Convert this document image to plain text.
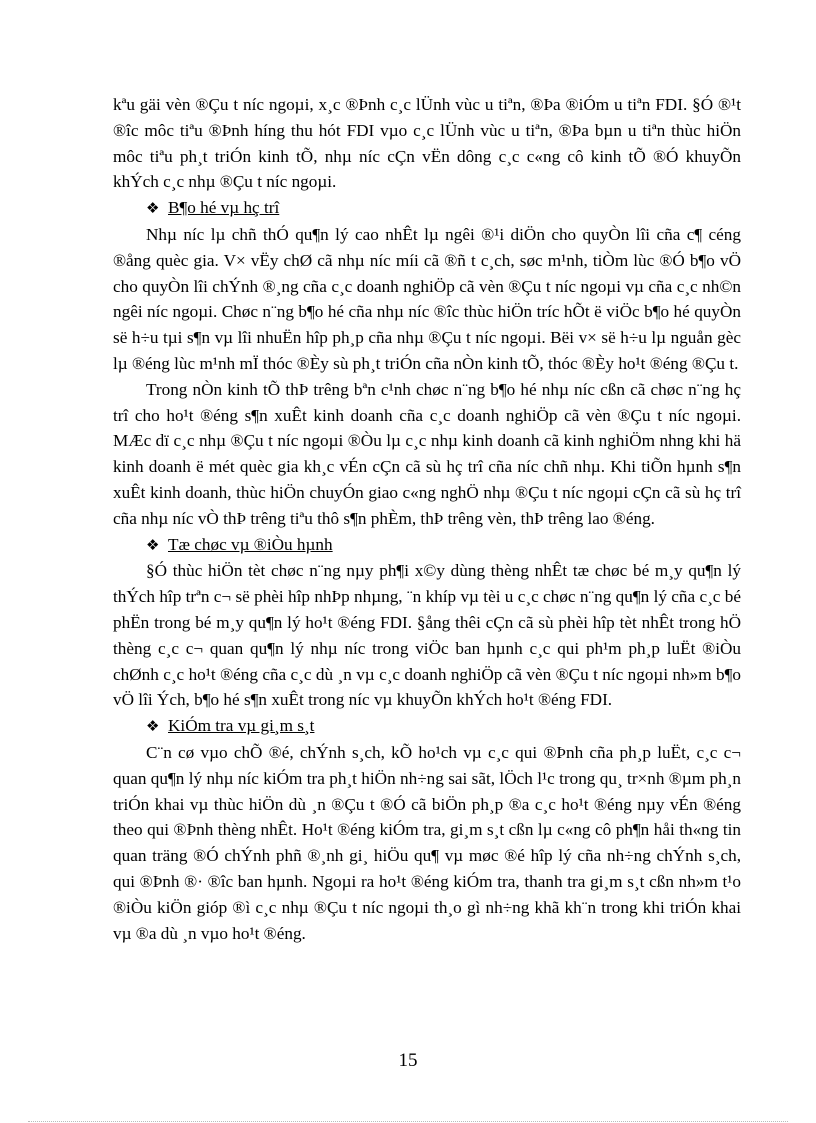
kªu gäi vèn ®Çu t níc ngoµi, x¸c ®Þnh c¸c lÜnh vùc u tiªn, ®Þa ®iÓm u tiªn FDI. §Ó ®¹t ®îc môc tiªu ®Þnh híng thu hót FDI vµo c¸c lÜnh vùc u tiªn, ®Þa bµn u tiªn thùc hiÖn môc tiªu ph¸t triÓn kinh tÕ, nhµ níc cÇn vËn dông c¸c c«ng cô kinh tÕ ®Ó khuyÕn khÝch c¸c nhµ ®Çu t níc ngoµi.

❖ B¶o hé vµ hç trî

Nhµ níc lµ chñ thÓ qu¶n lý cao nhÊt lµ ngêi ®¹i diÖn cho quyÒn lîi cña c¶ céng ®ång quèc gia. V× vËy chØ cã nhµ níc míi cã ®ñ t c¸ch, søc m¹nh, tiÒm lùc ®Ó b¶o vÖ cho quyÒn lîi chÝnh ®¸ng cña c¸c doanh nghiÖp cã vèn ®Çu t níc ngoµi vµ cña c¸c nh©n ngêi níc ngoµi. Chøc n¨ng b¶o hé cña nhµ níc ®îc thùc hiÖn tríc hÕt ë viÖc b¶o hé quyÒn së h÷u tµi s¶n vµ lîi nhuËn hîp ph¸p cña nhµ ®Çu t níc ngoµi. Bëi v× së h÷u lµ nguån gèc lµ ®éng lùc m¹nh mÏ thóc ®Èy sù ph¸t triÓn cña nÒn kinh tÕ, thóc ®Èy ho¹t ®éng ®Çu t.

Trong nÒn kinh tÕ thÞ trêng bªn c¹nh chøc n¨ng b¶o hé nhµ níc cßn cã chøc n¨ng hç trî cho ho¹t ®éng s¶n xuÊt kinh doanh cña c¸c doanh nghiÖp cã vèn ®Çu t níc ngoµi. MÆc dï c¸c nhµ ®Çu t níc ngoµi ®Òu lµ c¸c nhµ kinh doanh cã kinh nghiÖm nhng khi hä kinh doanh ë mét quèc gia kh¸c vÉn cÇn cã sù hç trî cña níc chñ nhµ. Khi tiÕn hµnh s¶n xuÊt kinh doanh, thùc hiÖn chuyÓn giao c«ng nghÖ nhµ ®Çu t níc ngoµi cÇn cã sù hç trî cña nhµ níc vÒ thÞ trêng tiªu thô s¶n phÈm, thÞ trêng vèn, thÞ trêng lao ®éng.

❖ Tæ chøc vµ ®iÒu hµnh

§Ó thùc hiÖn tèt chøc n¨ng nµy ph¶i x©y dùng thèng nhÊt tæ chøc bé m¸y qu¶n lý thÝch hîp trªn c¬ së phèi hîp nhÞp nhµng, ¨n khíp vµ tèi u c¸c chøc n¨ng qu¶n lý cña c¸c bé phËn trong bé m¸y qu¶n lý ho¹t ®éng FDI. §ång thêi cÇn cã sù phèi hîp tèt nhÊt trong hÖ thèng c¸c c¬ quan qu¶n lý nhµ níc trong viÖc ban hµnh c¸c qui ph¹m ph¸p luËt ®iÒu chØnh c¸c ho¹t ®éng cña c¸c dù ¸n vµ c¸c doanh nghiÖp cã vèn ®Çu t níc ngoµi nh»m b¶o vÖ lîi Ých, b¶o hé s¶n xuÊt trong níc vµ khuyÕn khÝch ho¹t ®éng FDI.

❖ KiÓm tra vµ gi¸m s¸t

C¨n cø vµo chÕ ®é, chÝnh s¸ch, kÕ ho¹ch vµ c¸c qui ®Þnh cña ph¸p luËt, c¸c c¬ quan qu¶n lý nhµ níc kiÓm tra ph¸t hiÖn nh÷ng sai sãt, lÖch l¹c trong qu¸ tr×nh ®µm ph¸n triÓn khai vµ thùc hiÖn dù ¸n ®Çu t ®Ó cã biÖn ph¸p ®a c¸c ho¹t ®éng nµy vÉn ®éng theo qui ®Þnh thèng nhÊt. Ho¹t ®éng kiÓm tra, gi¸m s¸t cßn lµ c«ng cô ph¶n håi th«ng tin quan träng ®Ó chÝnh phñ ®¸nh gi¸ hiÖu qu¶ vµ møc ®é hîp lý cña nh÷ng chÝnh s¸ch, qui ®Þnh ®· ®îc ban hµnh. Ngoµi ra ho¹t ®éng kiÓm tra, thanh tra gi¸m s¸t cßn nh»m t¹o ®iÒu kiÖn gióp ®ì c¸c nhµ ®Çu t níc ngoµi th¸o gì nh÷ng khã kh¨n trong khi triÓn khai vµ ®a dù ¸n vµo ho¹t ®éng.

15
